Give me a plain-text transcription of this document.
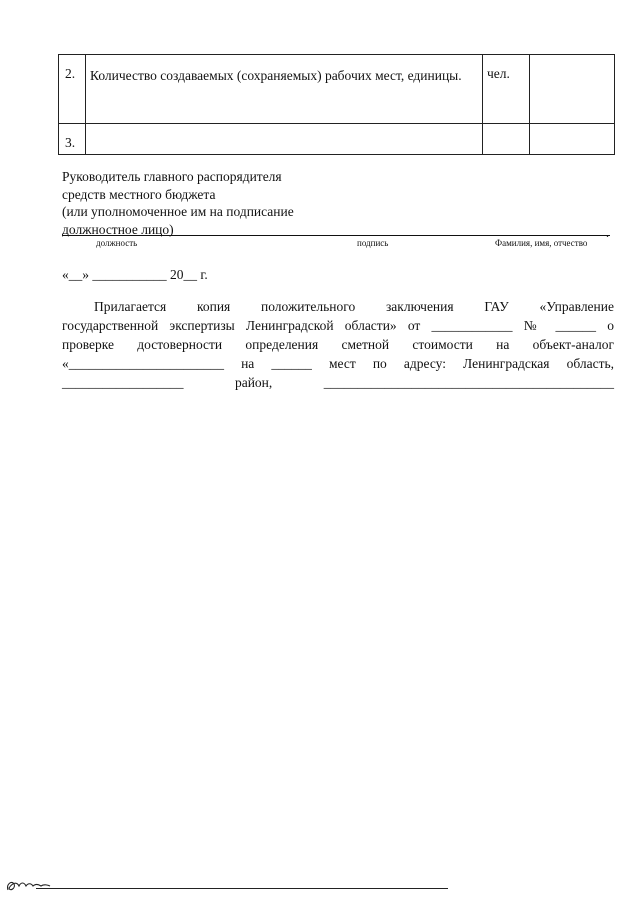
2.	Количество создаваемых (сохраняемых) рабочих мест, единицы.	чел.	

3.			

Руководитель главного распорядителя
средств местного бюджета
(или уполномоченное им на подписание
должностное лицо)	.
должность	подпись	Фамилия, имя, отчество
«__» ___________ 20__ г.
Прилагается копия положительного заключения ГАУ «Управление
государственной экспертизы Ленинградской области» от ____________ № ______ о
проверке достоверности определения сметной стоимости на объект-аналог
«_______________________ на ______ мест по адресу: Ленинградская область,
__________________ район, ___________________________________________
